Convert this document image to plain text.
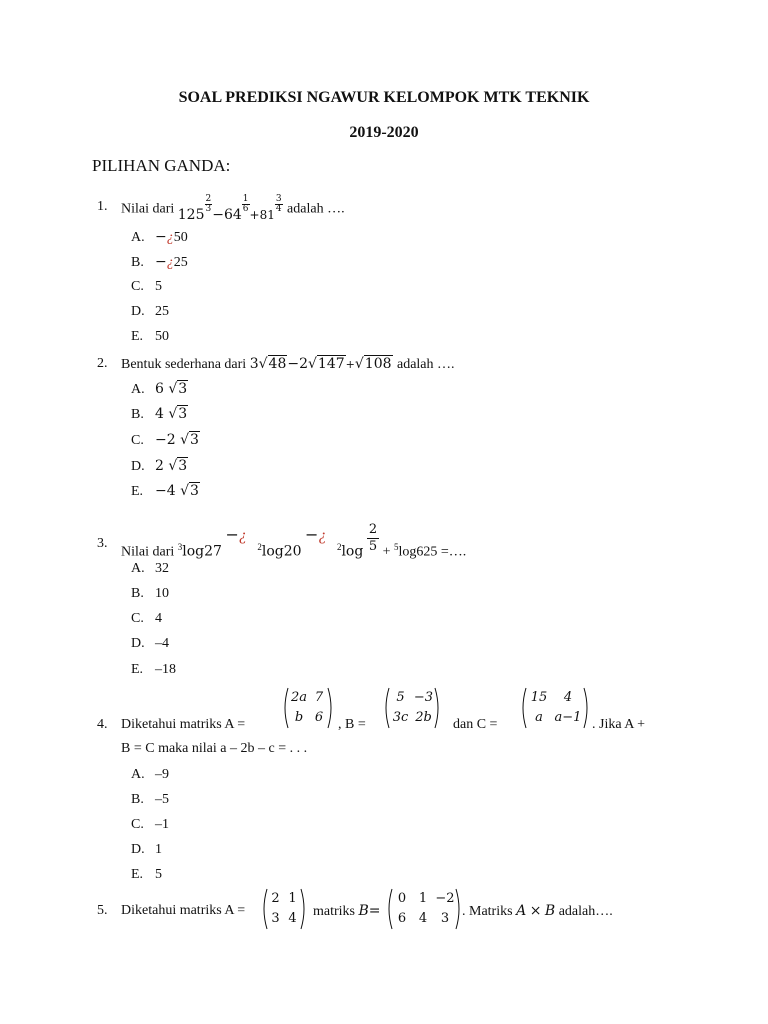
SOAL PREDIKSI NGAWUR KELOMPOK MTK TEKNIK
2019-2020
PILIHAN GANDA:
1. Nilai dari 125
$\frac{2}{3}$
−64
$\frac{1}{6}$
+81
$\frac{3}{4}$ adalah ….
A. −¿50
B. −¿25
C. 5
D. 25
E. 50
2. Bentuk sederhana dari 3√48−2√147+√108 adalah ….
A. 6 √3
B. 4 √3
C. −2 √3
D. 2 √3
E. −4 √3
3.
Nilai dari $^3$log27 −¿   $^2$log20 −¿   $^2\log \frac{2}{5} + ^5\log 625$ =….
A. 32
B. 10
C. 4
D. –4
E. –18
4. Diketahui matriks A =
2a 7
b 6	, B =
5 −3
3c 2b dan C =
15	4
a a−1 . Jika A +
B = C maka nilai a – 2b – c = . . .
A. –9
B. –5
C. –1
D. 1
E. 5
5. Diketahui matriks A =
2 1
3 4	matriks B=
0 1 −2
6 4	3 . Matriks A × B adalah….
